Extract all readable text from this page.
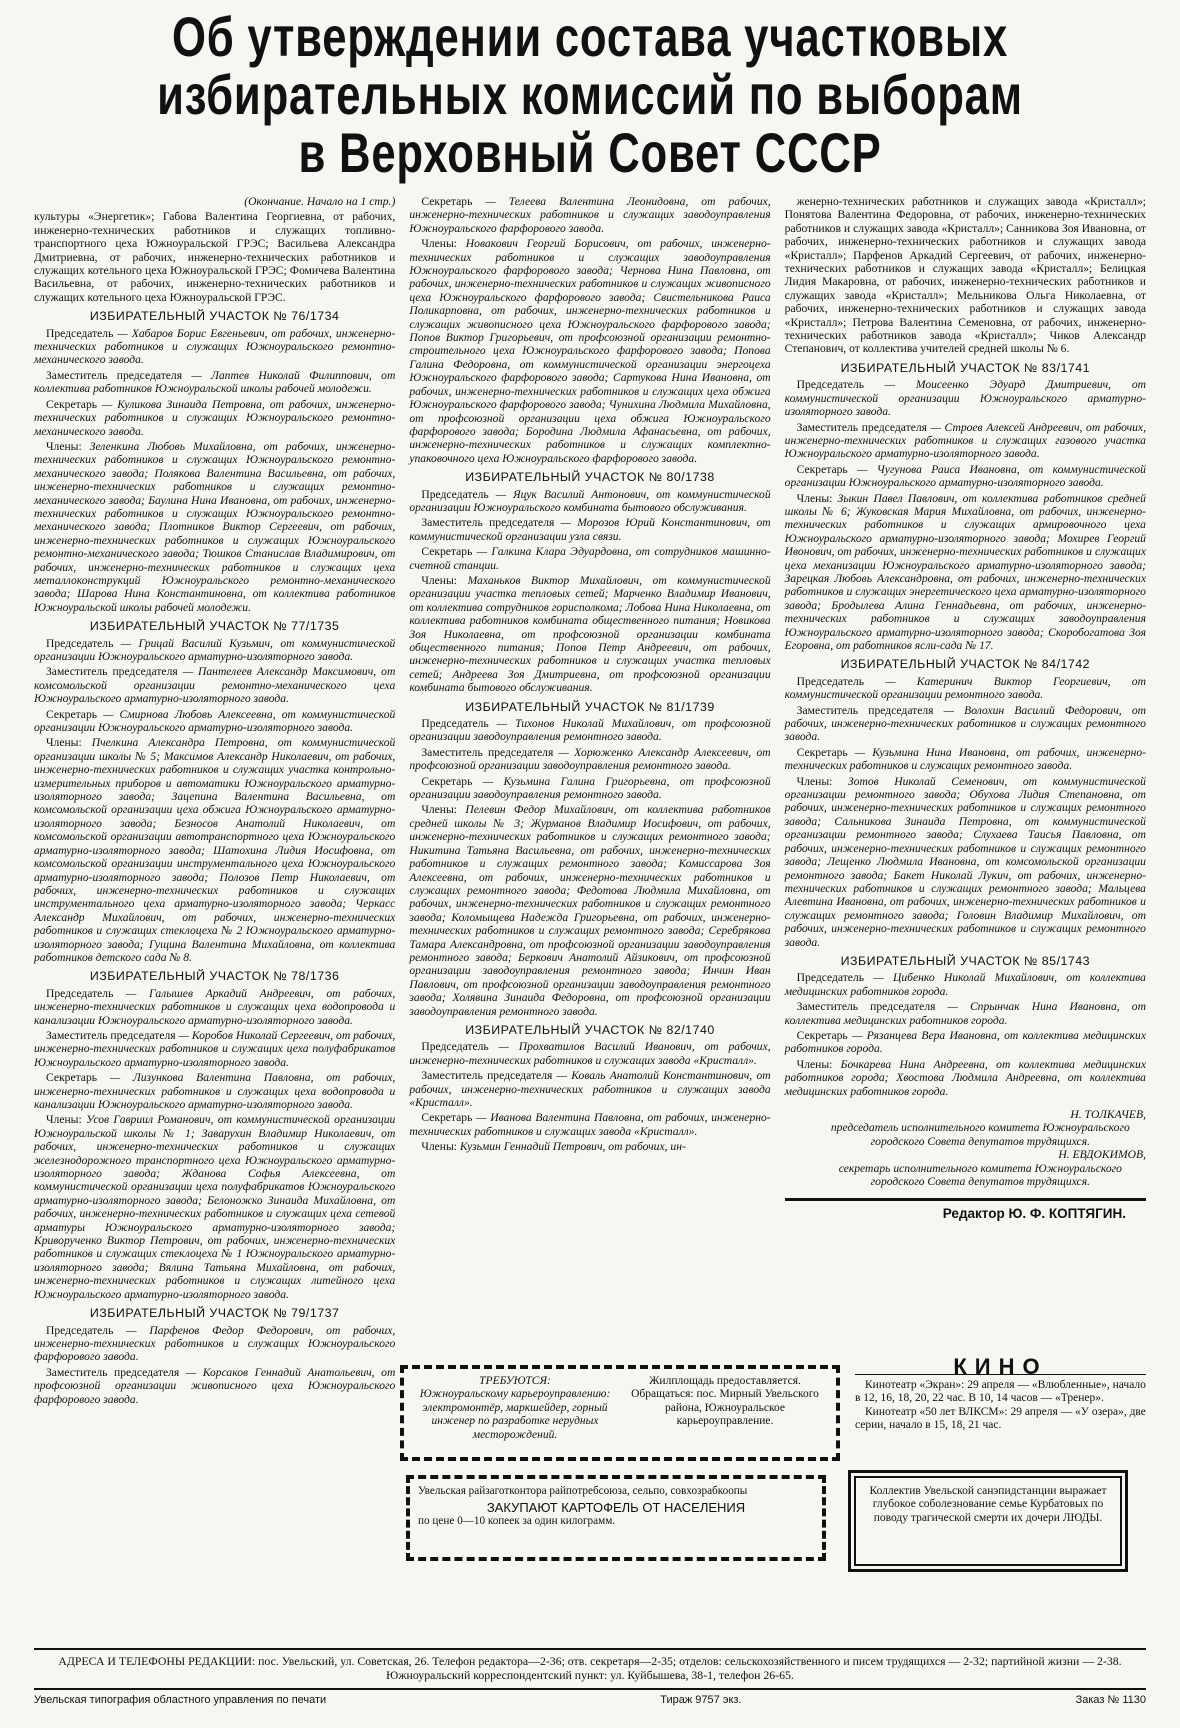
Об утверждении состава участковых
избирательных комиссий по выборам
в Верховный Совет СССР

(Окончание. Начало на 1 стр.)

культуры «Энергетик»; Габова Валентина Георгиевна, от рабочих, инженерно-технических работников и служащих топливно-транспортного цеха Южноуральской ГРЭС; Васильева Александра Дмитриевна, от рабочих, инженерно-технических работников и служащих котельного цеха Южноуральской ГРЭС; Фомичева Валентина Васильевна, от рабочих, инженерно-технических работников и служащих котельного цеха Южноуральской ГРЭС.

ИЗБИРАТЕЛЬНЫЙ УЧАСТОК № 76/1734

Председатель — Хабаров Борис Евгеньевич, от рабочих, инженерно-технических работников и служащих Южноуральского ремонтно-механического завода.

Заместитель председателя — Лаптев Николай Филиппович, от коллектива работников Южноуральской школы рабочей молодежи.

Секретарь — Куликова Зинаида Петровна, от рабочих, инженерно-технических работников и служащих Южноуральского ремонтно-механического завода.

Члены: Зеленкина Любовь Михайловна, от рабочих, инженерно-технических работников и служащих Южноуральского ремонтно-механического завода; Полякова Валентина Васильевна, от рабочих, инженерно-технических работников и служащих ремонтно-механического завода; Баулина Нина Ивановна, от рабочих, инженерно-технических работников и служащих Южноуральского ремонтно-механического завода; Плотников Виктор Сергеевич, от рабочих, инженерно-технических работников и служащих Южноуральского ремонтно-механического завода; Тюшков Станислав Владимирович, от рабочих, инженерно-технических работников и служащих цеха металлоконструкций Южноуральского ремонтно-механического завода; Шарова Нина Константиновна, от коллектива работников Южноуральской школы рабочей молодежи.

ИЗБИРАТЕЛЬНЫЙ УЧАСТОК № 77/1735

Председатель — Грицай Василий Кузьмич, от коммунистической организации Южноуральского арматурно-изоляторного завода.

Заместитель председателя — Пантелеев Александр Максимович, от комсомольской организации ремонтно-механического цеха Южноуральского арматурно-изоляторного завода.

Секретарь — Смирнова Любовь Алексеевна, от коммунистической организации Южноуральского арматурно-изоляторного завода.

Члены: Пчелкина Александра Петровна, от коммунистической организации школы № 5; Максимов Александр Николаевич, от рабочих, инженерно-технических работников и служащих участка контрольно-измерительных приборов и автоматики Южноуральского арматурно-изоляторного завода; Зацепина Валентина Васильевна, от комсомольской организации цеха обжига Южноуральского арматурно-изоляторного завода; Безносов Анатолий Николаевич, от комсомольской организации автотранспортного цеха Южноуральского арматурно-изоляторного завода; Шатохина Лидия Иосифовна, от комсомольской организации инструментального цеха Южноуральского арматурно-изоляторного завода; Полозов Петр Николаевич, от рабочих, инженерно-технических работников и служащих инструментального цеха арматурно-изоляторного завода; Черкасс Александр Михайлович, от рабочих, инженерно-технических работников и служащих стеклоцеха № 2 Южноуральского арматурно-изоляторного завода; Гущина Валентина Михайловна, от коллектива работников детского сада № 8.

ИЗБИРАТЕЛЬНЫЙ УЧАСТОК № 78/1736

Председатель — Галышев Аркадий Андреевич, от рабочих, инженерно-технических работников и служащих цеха водопровода и канализации Южноуральского арматурно-изоляторного завода.

Заместитель председателя — Коробов Николай Сергеевич, от рабочих, инженерно-технических работников и служащих цеха полуфабрикатов Южноуральского арматурно-изоляторного завода.

Секретарь — Лизункова Валентина Павловна, от рабочих, инженерно-технических работников и служащих цеха водопровода и канализации Южноуральского арматурно-изоляторного завода.

Члены: Усов Гавриил Романович, от коммунистической организации Южноуральской школы № 1; Заварухин Владимир Николаевич, от рабочих, инженерно-технических работников и служащих железнодорожного транспортного цеха Южноуральского арматурно-изоляторного завода; Жданова Софья Алексеевна, от коммунистической организации цеха полуфабрикатов Южноуральского арматурно-изоляторного завода; Белоножко Зинаида Михайловна, от рабочих, инженерно-технических работников и служащих цеха сетевой арматуры Южноуральского арматурно-изоляторного завода; Криворученко Виктор Петрович, от рабочих, инженерно-технических работников и служащих стеклоцеха № 1 Южноуральского арматурно-изоляторного завода; Вялина Татьяна Михайловна, от рабочих, инженерно-технических работников и служащих литейного цеха Южноуральского арматурно-изоляторного завода.

ИЗБИРАТЕЛЬНЫЙ УЧАСТОК № 79/1737

Председатель — Парфенов Федор Федорович, от рабочих, инженерно-технических работников и служащих Южноуральского фарфорового завода.

Заместитель председателя — Корсаков Геннадий Анатольевич, от профсоюзной организации живописного цеха Южноуральского фарфорового завода.

Секретарь — Телеева Валентина Леонидовна, от рабочих, инженерно-технических работников и служащих заводоуправления Южноуральского фарфорового завода.

Члены: Новакович Георгий Борисович, от рабочих, инженерно-технических работников и служащих заводоуправления Южноуральского фарфорового завода; Чернова Нина Павловна, от рабочих, инженерно-технических работников и служащих живописного цеха Южноуральского фарфорового завода; Свистельникова Раиса Поликарповна, от рабочих, инженерно-технических работников и служащих живописного цеха Южноуральского фарфорового завода; Попов Виктор Григорьевич, от профсоюзной организации ремонтно-строительного цеха Южноуральского фарфорового завода; Попова Галина Федоровна, от коммунистической организации энергоцеха Южноуральского фарфорового завода; Сартукова Нина Ивановна, от рабочих, инженерно-технических работников и служащих цеха обжига Южноуральского фарфорового завода; Чунихина Людмила Михайловна, от профсоюзной организации цеха обжига Южноуральского фарфорового завода; Бородина Людмила Афанасьевна, от рабочих, инженерно-технических работников и служащих комплектно-упаковочного цеха Южноуральского фарфорового завода.

ИЗБИРАТЕЛЬНЫЙ УЧАСТОК № 80/1738

Председатель — Яцук Василий Антонович, от коммунистической организации Южноуральского комбината бытового обслуживания.

Заместитель председателя — Морозов Юрий Константинович, от коммунистической организации узла связи.

Секретарь — Галкина Клара Эдуардовна, от сотрудников машинно-счетной станции.

Члены: Маханьков Виктор Михайлович, от коммунистической организации участка тепловых сетей; Марченко Владимир Иванович, от коллектива сотрудников горисполкома; Лобова Нина Николаевна, от коллектива работников комбината общественного питания; Новикова Зоя Николаевна, от профсоюзной организации комбината общественного питания; Попов Петр Андреевич, от рабочих, инженерно-технических работников и служащих участка тепловых сетей; Андреева Зоя Дмитриевна, от профсоюзной организации комбината бытового обслуживания.

ИЗБИРАТЕЛЬНЫЙ УЧАСТОК № 81/1739

Председатель — Тихонов Николай Михайлович, от профсоюзной организации заводоуправления ремонтного завода.

Заместитель председателя — Хорюженко Александр Алексеевич, от профсоюзной организации заводоуправления ремонтного завода.

Секретарь — Кузьмина Галина Григорьевна, от профсоюзной организации заводоуправления ремонтного завода.

Члены: Пелевин Федор Михайлович, от коллектива работников средней школы № 3; Журманов Владимир Иосифович, от рабочих, инженерно-технических работников и служащих ремонтного завода; Никитина Татьяна Васильевна, от рабочих, инженерно-технических работников и служащих ремонтного завода; Комиссарова Зоя Алексеевна, от рабочих, инженерно-технических работников и служащих ремонтного завода; Федотова Людмила Михайловна, от рабочих, инженерно-технических работников и служащих ремонтного завода; Коломыщева Надежда Григорьевна, от рабочих, инженерно-технических работников и служащих ремонтного завода; Серебрякова Тамара Александровна, от профсоюзной организации заводоуправления ремонтного завода; Беркович Анатолий Айзикович, от профсоюзной организации заводоуправления ремонтного завода; Инчин Иван Павлович, от профсоюзной организации заводоуправления ремонтного завода; Холявина Зинаида Федоровна, от профсоюзной организации заводоуправления ремонтного завода.

ИЗБИРАТЕЛЬНЫЙ УЧАСТОК № 82/1740

Председатель — Прохватилов Василий Иванович, от рабочих, инженерно-технических работников и служащих завода «Кристалл».

Заместитель председателя — Коваль Анатолий Константинович, от рабочих, инженерно-технических работников и служащих завода «Кристалл».

Секретарь — Иванова Валентина Павловна, от рабочих, инженерно-технических работников и служащих завода «Кристалл».

Члены: Кузьмин Геннадий Петрович, от рабочих, ин-

женерно-технических работников и служащих завода «Кристалл»; Понятова Валентина Федоровна, от рабочих, инженерно-технических работников и служащих завода «Кристалл»; Санникова Зоя Ивановна, от рабочих, инженерно-технических работников и служащих завода «Кристалл»; Парфенов Аркадий Сергеевич, от рабочих, инженерно-технических работников и служащих завода «Кристалл»; Белицкая Лидия Макаровна, от рабочих, инженерно-технических работников и служащих завода «Кристалл»; Мельникова Ольга Николаевна, от рабочих, инженерно-технических работников и служащих завода «Кристалл»; Петрова Валентина Семеновна, от рабочих, инженерно-технических работников завода «Кристалл»; Чиков Александр Степанович, от коллектива учителей средней школы № 6.

ИЗБИРАТЕЛЬНЫЙ УЧАСТОК № 83/1741

Председатель — Моисеенко Эдуард Дмитриевич, от коммунистической организации Южноуральского арматурно-изоляторного завода.

Заместитель председателя — Строев Алексей Андреевич, от рабочих, инженерно-технических работников и служащих газового участка Южноуральского арматурно-изоляторного завода.

Секретарь — Чугунова Раиса Ивановна, от коммунистической организации Южноуральского арматурно-изоляторного завода.

Члены: Зыкин Павел Павлович, от коллектива работников средней школы № 6; Жуковская Мария Михайловна, от рабочих, инженерно-технических работников и служащих армировочного цеха Южноуральского арматурно-изоляторного завода; Мохирев Георгий Ивонович, от рабочих, инженерно-технических работников и служащих цеха механизации Южноуральского арматурно-изоляторного завода; Зарецкая Любовь Александровна, от рабочих, инженерно-технических работников и служащих энергетического цеха арматурно-изоляторного завода; Бродылева Алина Геннадьевна, от рабочих, инженерно-технических работников и служащих заводоуправления Южноуральского арматурно-изоляторного завода; Скоробогатова Зоя Егоровна, от работников ясли-сада № 17.

ИЗБИРАТЕЛЬНЫЙ УЧАСТОК № 84/1742

Председатель — Катеринич Виктор Георгиевич, от коммунистической организации ремонтного завода.

Заместитель председателя — Волохин Василий Федорович, от рабочих, инженерно-технических работников и служащих ремонтного завода.

Секретарь — Кузьмина Нина Ивановна, от рабочих, инженерно-технических работников и служащих ремонтного завода.

Члены: Зотов Николай Семенович, от коммунистической организации ремонтного завода; Обухова Лидия Степановна, от рабочих, инженерно-технических работников и служащих ремонтного завода; Сальникова Зинаида Петровна, от коммунистической организации ремонтного завода; Слухаева Таисья Павловна, от рабочих, инженерно-технических работников и служащих ремонтного завода; Лещенко Людмила Ивановна, от комсомольской организации ремонтного завода; Бакет Николай Лукич, от рабочих, инженерно-технических работников и служащих ремонтного завода; Мальцева Алевтина Ивановна, от рабочих, инженерно-технических работников и служащих ремонтного завода; Головин Владимир Михайлович, от рабочих, инженерно-технических работников и служащих ремонтного завода.

ИЗБИРАТЕЛЬНЫЙ УЧАСТОК № 85/1743

Председатель — Цибенко Николай Михайлович, от коллектива медицинских работников города.

Заместитель председателя — Спрынчак Нина Ивановна, от коллектива медицинских работников города.

Секретарь — Рязанцева Вера Ивановна, от коллектива медицинских работников города.

Члены: Бочкарева Нина Андреевна, от коллектива медицинских работников города; Хвостова Людмила Андреевна, от коллектива медицинских работников города.

Н. ТОЛКАЧЕВ,
председатель исполнительного комитета Южноуральского городского Совета депутатов трудящихся.
Н. ЕВДОКИМОВ,
секретарь исполнительного комитета Южноуральского городского Совета депутатов трудящихся.
Редактор Ю. Ф. КОПТЯГИН.
ТРЕБУЮТСЯ:
Южноуральскому карьероуправлению: электромонтёр, маркшейдер, горный инженер по разработке нерудных месторождений.
Жилплощадь предоставляется. Обращаться: пос. Мирный Увельского района, Южноуральское карьероуправление.
КИНО
Кинотеатр «Экран»: 29 апреля — «Влюбленные», начало в 12, 16, 18, 20, 22 час. В 10, 14 часов — «Тренер».
Кинотеатр «50 лет ВЛКСМ»: 29 апреля — «У озера», две серии, начало в 15, 18, 21 час.
Увельская райзаготконтора райпотребсоюза, сельпо, совхозрабкоопы
ЗАКУПАЮТ КАРТОФЕЛЬ ОТ НАСЕЛЕНИЯ
по цене 0—10 копеек за один килограмм.
Коллектив Увельской санэпидстанции выражает глубокое соболезнование семье Курбатовых по поводу трагической смерти их дочери ЛЮДЫ.
АДРЕСА И ТЕЛЕФОНЫ РЕДАКЦИИ: пос. Увельский, ул. Советская, 26. Телефон редактора—2-36; отв. секретаря—2-35; отделов: сельскохозяйственного и писем трудящихся — 2-32; партийной жизни — 2-38. Южноуральский корреспондентский пункт: ул. Куйбышева, 38-1, телефон 26-65.
Увельская типография областного управления по печати	Тираж 9757 экз.	Заказ № 1130
